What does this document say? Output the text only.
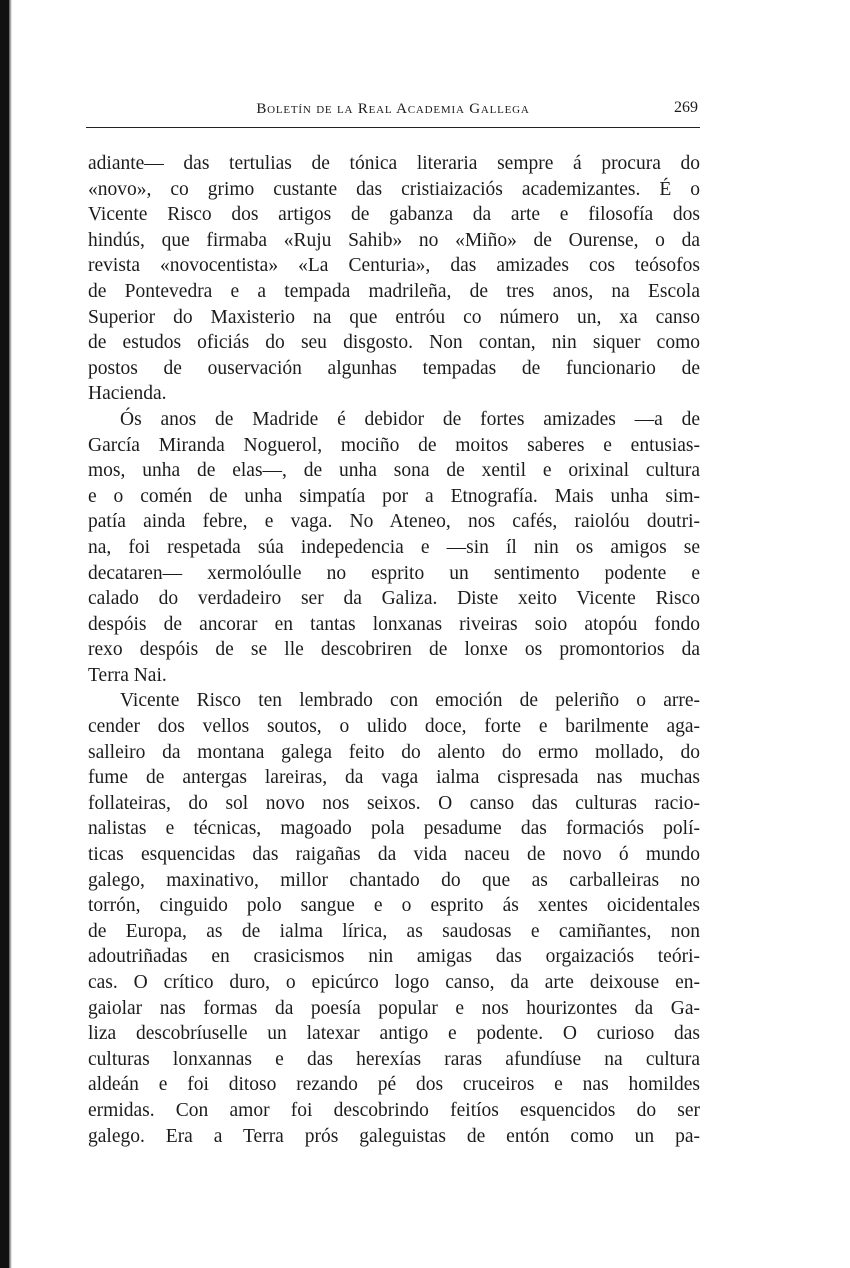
Boletín de la Real Academia Gallega	269
adiante— das tertulias de tónica literaria sempre á procura do
«novo», co grimo custante das cristiaizaciós academizantes. É o
Vicente Risco dos artigos de gabanza da arte e filosofía dos
hindús, que firmaba «Ruju Sahib» no «Miño» de Ourense, o da
revista «novocentista» «La Centuria», das amizades cos teósofos
de Pontevedra e a tempada madrileña, de tres anos, na Escola
Superior do Maxisterio na que entróu co número un, xa canso
de estudos oficiás do seu disgosto. Non contan, nin siquer como
postos de ouservación algunhas tempadas de funcionario de
Hacienda.
Ós anos de Madride é debidor de fortes amizades —a de
García Miranda Noguerol, mociño de moitos saberes e entusias-
mos, unha de elas—, de unha sona de xentil e orixinal cultura
e o comén de unha simpatía por a Etnografía. Mais unha sim-
patía ainda febre, e vaga. No Ateneo, nos cafés, raiolóu doutri-
na, foi respetada súa indepedencia e —sin íl nin os amigos se
decataren— xermolóulle no esprito un sentimento podente e
calado do verdadeiro ser da Galiza. Diste xeito Vicente Risco
despóis de ancorar en tantas lonxanas riveiras soio atopóu fondo
rexo despóis de se lle descobriren de lonxe os promontorios da
Terra Nai.
Vicente Risco ten lembrado con emoción de peleriño o arre-
cender dos vellos soutos, o ulido doce, forte e barilmente aga-
salleiro da montana galega feito do alento do ermo mollado, do
fume de antergas lareiras, da vaga ialma cispresada nas muchas
follateiras, do sol novo nos seixos. O canso das culturas racio-
nalistas e técnicas, magoado pola pesadume das formaciós polí-
ticas esquencidas das raigañas da vida naceu de novo ó mundo
galego, maxinativo, millor chantado do que as carballeiras no
torrón, cinguido polo sangue e o esprito ás xentes oicidentales
de Europa, as de ialma lírica, as saudosas e camiñantes, non
adoutriñadas en crasicismos nin amigas das orgaizaciós teóri-
cas. O crítico duro, o epicúrco logo canso, da arte deixouse en-
gaiolar nas formas da poesía popular e nos hourizontes da Ga-
liza descobríuselle un latexar antigo e podente. O curioso das
culturas lonxannas e das herexías raras afundíuse na cultura
aldeán e foi ditoso rezando pé dos cruceiros e nas homildes
ermidas. Con amor foi descobrindo feitíos esquencidos do ser
galego. Era a Terra prós galeguistas de entón como un pa-
